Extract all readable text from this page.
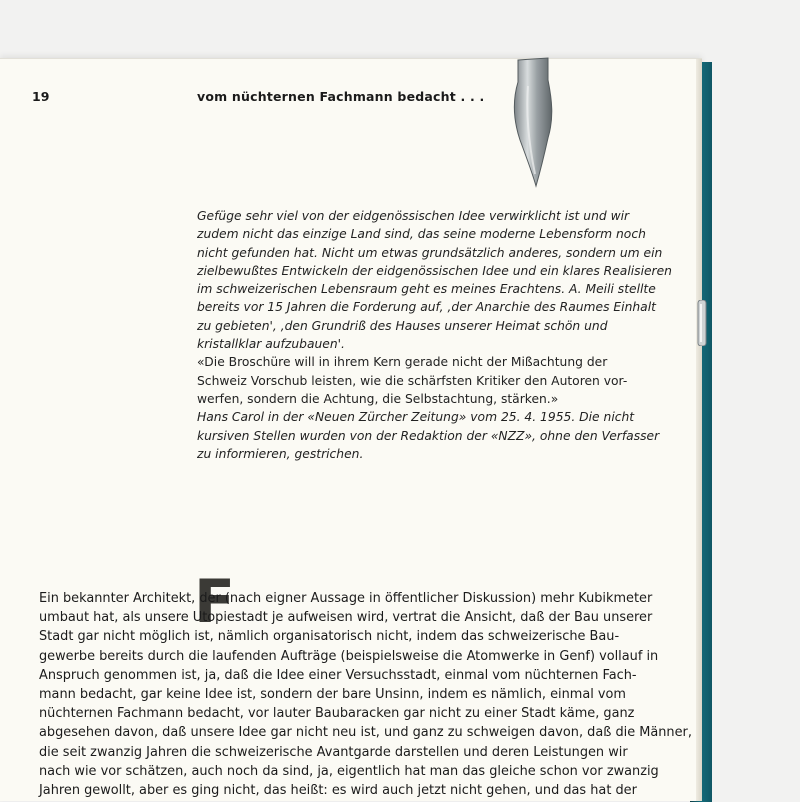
19	vom nüchternen Fachmann bedacht . . .
Gefüge sehr viel von der eidgenössischen Idee verwirklicht ist und wir
zudem nicht das einzige Land sind, das seine moderne Lebensform noch
nicht gefunden hat. Nicht um etwas grundsätzlich anderes, sondern um ein
zielbewußtes Entwickeln der eidgenössischen Idee und ein klares Realisieren
im schweizerischen Lebensraum geht es meines Erachtens. A. Meili stellte
bereits vor 15 Jahren die Forderung auf, ‚der Anarchie des Raumes Einhalt
zu gebieten', ‚den Grundriß des Hauses unserer Heimat schön und
kristallklar aufzubauen'.
«Die Broschüre will in ihrem Kern gerade nicht der Mißachtung der
Schweiz Vorschub leisten, wie die schärfsten Kritiker den Autoren vor-
werfen, sondern die Achtung, die Selbstachtung, stärken.»
Hans Carol in der «Neuen Zürcher Zeitung» vom 25. 4. 1955. Die nicht
kursiven Stellen wurden von der Redaktion der «NZZ», ohne den Verfasser
zu informieren, gestrichen.
F
Ein bekannter Architekt, der (nach eigner Aussage in öffentlicher Diskussion) mehr Kubikmeter
umbaut hat, als unsere Utopiestadt je aufweisen wird, vertrat die Ansicht, daß der Bau unserer
Stadt gar nicht möglich ist, nämlich organisatorisch nicht, indem das schweizerische Bau-
gewerbe bereits durch die laufenden Aufträge (beispielsweise die Atomwerke in Genf) vollauf in
Anspruch genommen ist, ja, daß die Idee einer Versuchsstadt, einmal vom nüchternen Fach-
mann bedacht, gar keine Idee ist, sondern der bare Unsinn, indem es nämlich, einmal vom
nüchternen Fachmann bedacht, vor lauter Baubaracken gar nicht zu einer Stadt käme, ganz
abgesehen davon, daß unsere Idee gar nicht neu ist, und ganz zu schweigen davon, daß die Männer,
die seit zwanzig Jahren die schweizerische Avantgarde darstellen und deren Leistungen wir
nach wie vor schätzen, auch noch da sind, ja, eigentlich hat man das gleiche schon vor zwanzig
Jahren gewollt, aber es ging nicht, das heißt: es wird auch jetzt nicht gehen, und das hat der
